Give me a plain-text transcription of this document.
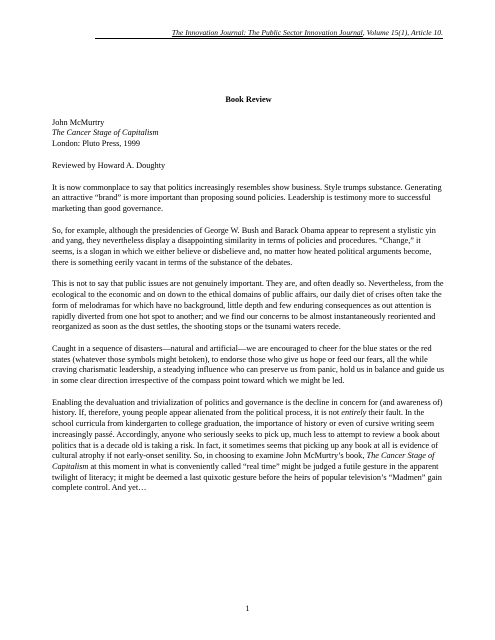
The Innovation Journal: The Public Sector Innovation Journal, Volume 15(1), Article 10.
Book Review

John McMurtry

The Cancer Stage of Capitalism

London: Pluto Press, 1999

Reviewed by Howard A. Doughty

It is now commonplace to say that politics increasingly resembles show business. Style trumps substance. Generating an attractive “brand” is more important than proposing sound policies. Leadership is testimony more to successful marketing than good governance.

So, for example, although the presidencies of George W. Bush and Barack Obama appear to represent a stylistic yin and yang, they nevertheless display a disappointing similarity in terms of policies and procedures. “Change,” it seems, is a slogan in which we either believe or disbelieve and, no matter how heated political arguments become, there is something eerily vacant in terms of the substance of the debates.

This is not to say that public issues are not genuinely important. They are, and often deadly so. Nevertheless, from the ecological to the economic and on down to the ethical domains of public affairs, our daily diet of crises often take the form of melodramas for which have no background, little depth and few enduring consequences as out attention is rapidly diverted from one hot spot to another; and we find our concerns to be almost instantaneously reoriented and reorganized as soon as the dust settles, the shooting stops or the tsunami waters recede.

Caught in a sequence of disasters—natural and artificial—we are encouraged to cheer for the blue states or the red states (whatever those symbols might betoken), to endorse those who give us hope or feed our fears, all the while craving charismatic leadership, a steadying influence who can preserve us from panic, hold us in balance and guide us in some clear direction irrespective of the compass point toward which we might be led.

Enabling the devaluation and trivialization of politics and governance is the decline in concern for (and awareness of) history. If, therefore, young people appear alienated from the political process, it is not entirely their fault. In the school curricula from kindergarten to college graduation, the importance of history or even of cursive writing seem increasingly passé. Accordingly, anyone who seriously seeks to pick up, much less to attempt to review a book about politics that is a decade old is taking a risk. In fact, it sometimes seems that picking up any book at all is evidence of cultural atrophy if not early-onset senility. So, in choosing to examine John McMurtry’s book, The Cancer Stage of Capitalism at this moment in what is conveniently called “real time” might be judged a futile gesture in the apparent twilight of literacy; it might be deemed a last quixotic gesture before the heirs of popular television’s “Madmen” gain complete control. And yet…

1
